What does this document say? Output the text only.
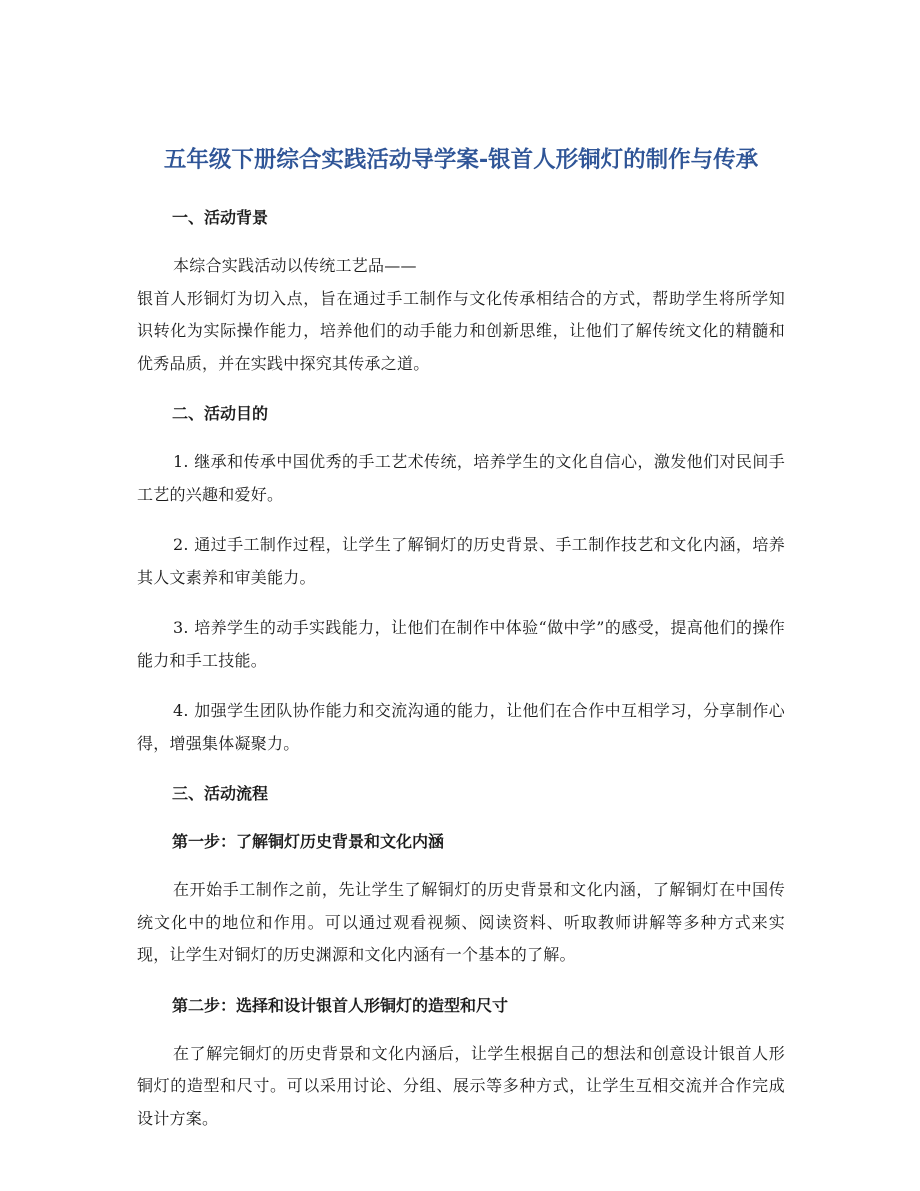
五年级下册综合实践活动导学案-银首人形铜灯的制作与传承
一、活动背景
本综合实践活动以传统工艺品——
银首人形铜灯为切入点，旨在通过手工制作与文化传承相结合的方式，帮助学生将所学知识转化为实际操作能力，培养他们的动手能力和创新思维，让他们了解传统文化的精髓和优秀品质，并在实践中探究其传承之道。
二、活动目的
1. 继承和传承中国优秀的手工艺术传统，培养学生的文化自信心，激发他们对民间手工艺的兴趣和爱好。
2. 通过手工制作过程，让学生了解铜灯的历史背景、手工制作技艺和文化内涵，培养其人文素养和审美能力。
3. 培养学生的动手实践能力，让他们在制作中体验“做中学”的感受，提高他们的操作能力和手工技能。
4. 加强学生团队协作能力和交流沟通的能力，让他们在合作中互相学习，分享制作心得，增强集体凝聚力。
三、活动流程
第一步：了解铜灯历史背景和文化内涵
在开始手工制作之前，先让学生了解铜灯的历史背景和文化内涵，了解铜灯在中国传统文化中的地位和作用。可以通过观看视频、阅读资料、听取教师讲解等多种方式来实现，让学生对铜灯的历史渊源和文化内涵有一个基本的了解。
第二步：选择和设计银首人形铜灯的造型和尺寸
在了解完铜灯的历史背景和文化内涵后，让学生根据自己的想法和创意设计银首人形铜灯的造型和尺寸。可以采用讨论、分组、展示等多种方式，让学生互相交流并合作完成设计方案。
